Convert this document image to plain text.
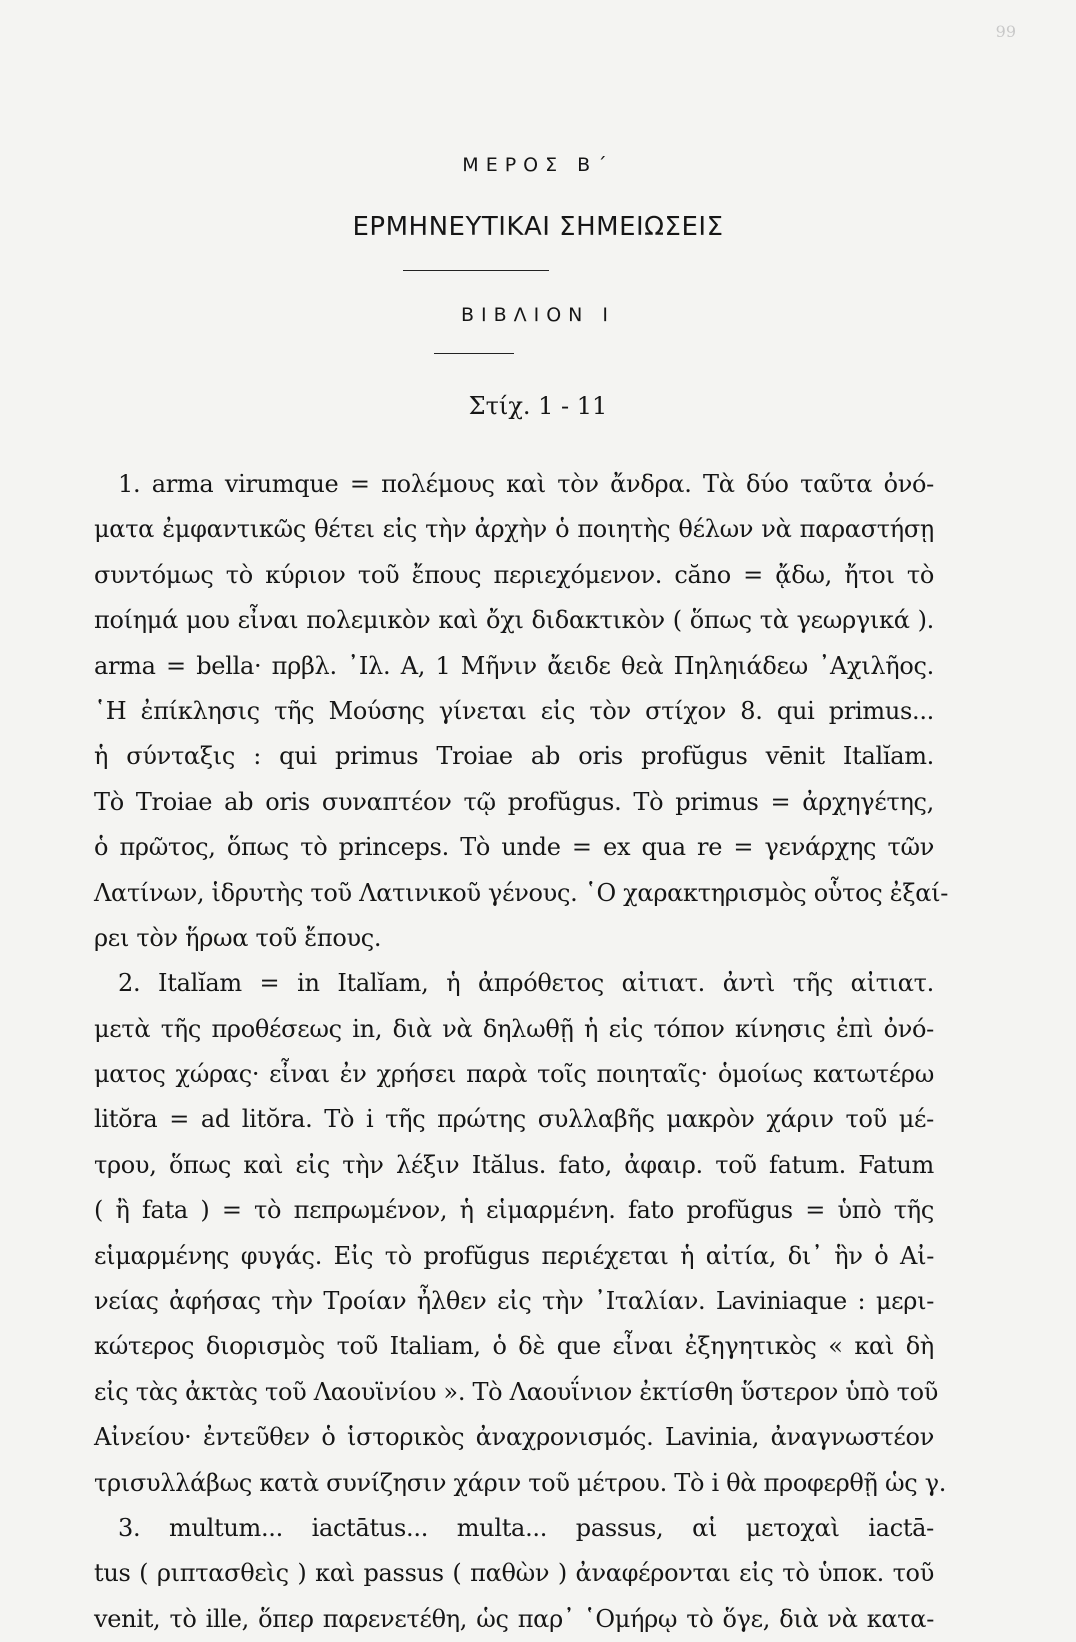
99
ΜΕΡΟΣ Β΄
ΕΡΜΗΝΕΥΤΙΚΑΙ ΣΗΜΕΙΩΣΕΙΣ
ΒΙΒΛΙΟΝ Ι
Στίχ. 1 - 11
1. arma virumque = πολέμους καὶ τὸν ἄνδρα. Τὰ δύο ταῦτα ὀνό-
ματα ἐμφαντικῶς θέτει εἰς τὴν ἀρχὴν ὁ ποιητὴς θέλων νὰ παραστήσῃ
συντόμως τὸ κύριον τοῦ ἔπους περιεχόμενον. căno = ᾄδω, ἤτοι τὸ
ποίημά μου εἶναι πολεμικὸν καὶ ὄχι διδακτικὸν ( ὅπως τὰ γεωργικά ).
arma = bella· πρβλ. ᾿Ιλ. Α, 1 Μῆνιν ἄειδε θεὰ Πηληιάδεω ᾿Αχιλῆος.
῾Η ἐπίκλησις τῆς Μούσης γίνεται εἰς τὸν στίχον 8. qui primus...
ἡ σύνταξις : qui primus Troiae ab oris profŭgus vēnit Italĭam.
Τὸ Troiae ab oris συναπτέον τῷ profŭgus. Τὸ primus = ἀρχηγέτης,
ὁ πρῶτος, ὅπως τὸ princeps. Τὸ unde = ex qua re = γενάρχης τῶν
Λατίνων, ἱδρυτὴς τοῦ Λατινικοῦ γένους. ῾Ο χαρακτηρισμὸς οὗτος ἐξαί-
ρει τὸν ἥρωα τοῦ ἔπους.
2. Italĭam = in Italĭam, ἡ ἀπρόθετος αἰτιατ. ἀντὶ τῆς αἰτιατ.
μετὰ τῆς προθέσεως in, διὰ νὰ δηλωθῇ ἡ εἰς τόπον κίνησις ἐπὶ ὀνό-
ματος χώρας· εἶναι ἐν χρήσει παρὰ τοῖς ποιηταῖς· ὁμοίως κατωτέρω
litŏra = ad litŏra. Τὸ i τῆς πρώτης συλλαβῆς μακρὸν χάριν τοῦ μέ-
τρου, ὅπως καὶ εἰς τὴν λέξιν Itălus. fato, ἀφαιρ. τοῦ fatum. Fatum
( ἢ fata ) = τὸ πεπρωμένον, ἡ εἱμαρμένη. fato profŭgus = ὑπὸ τῆς
εἱμαρμένης φυγάς. Εἰς τὸ profŭgus περιέχεται ἡ αἰτία, δι᾿ ἣν ὁ Αἰ-
νείας ἀφήσας τὴν Τροίαν ἦλθεν εἰς τὴν ᾿Ιταλίαν. Laviniaque : μερι-
κώτερος διορισμὸς τοῦ Italiam, ὁ δὲ que εἶναι ἐξηγητικὸς « καὶ δὴ
εἰς τὰς ἀκτὰς τοῦ Λαουϊνίου ». Τὸ Λαουΐνιον ἐκτίσθη ὕστερον ὑπὸ τοῦ
Αἰνείου· ἐντεῦθεν ὁ ἱστορικὸς ἀναχρονισμός. Lavinia, ἀναγνωστέον
τρισυλλάβως κατὰ συνίζησιν χάριν τοῦ μέτρου. Τὸ i θὰ προφερθῇ ὡς γ.
3. multum... iactātus... multa... passus, αἱ μετοχαὶ iactā-
tus ( ριπτασθεὶς ) καὶ passus ( παθὼν ) ἀναφέρονται εἰς τὸ ὑποκ. τοῦ
venit, τὸ ille, ὅπερ παρενετέθη, ὡς παρ᾿ ῾Ομήρῳ τὸ ὅγε, διὰ νὰ κατα-
